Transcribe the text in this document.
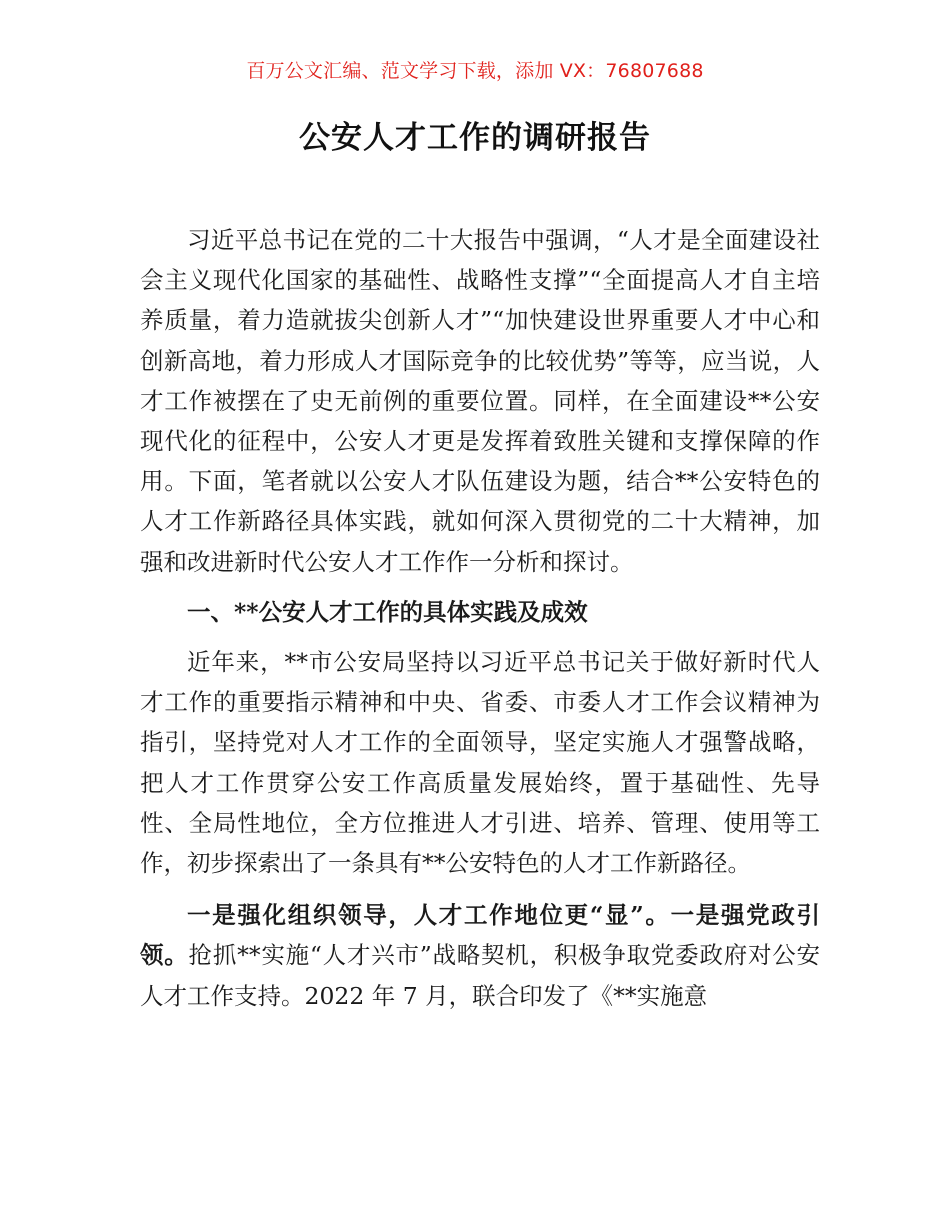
百万公文汇编、范文学习下载，添加 VX：76807688
公安人才工作的调研报告

习近平总书记在党的二十大报告中强调，“人才是全面建设社会主义现代化国家的基础性、战略性支撑”“全面提高人才自主培养质量，着力造就拔尖创新人才”“加快建设世界重要人才中心和创新高地，着力形成人才国际竞争的比较优势”等等，应当说，人才工作被摆在了史无前例的重要位置。同样，在全面建设**公安现代化的征程中，公安人才更是发挥着致胜关键和支撑保障的作用。下面，笔者就以公安人才队伍建设为题，结合**公安特色的人才工作新路径具体实践，就如何深入贯彻党的二十大精神，加强和改进新时代公安人才工作作一分析和探讨。

一、**公安人才工作的具体实践及成效

近年来，**市公安局坚持以习近平总书记关于做好新时代人才工作的重要指示精神和中央、省委、市委人才工作会议精神为指引，坚持党对人才工作的全面领导，坚定实施人才强警战略，把人才工作贯穿公安工作高质量发展始终，置于基础性、先导性、全局性地位，全方位推进人才引进、培养、管理、使用等工作，初步探索出了一条具有**公安特色的人才工作新路径。

一是强化组织领导，人才工作地位更“显”。一是强党政引领。抢抓**实施“人才兴市”战略契机，积极争取党委政府对公安人才工作支持。2022 年 7 月，联合印发了《**实施意
